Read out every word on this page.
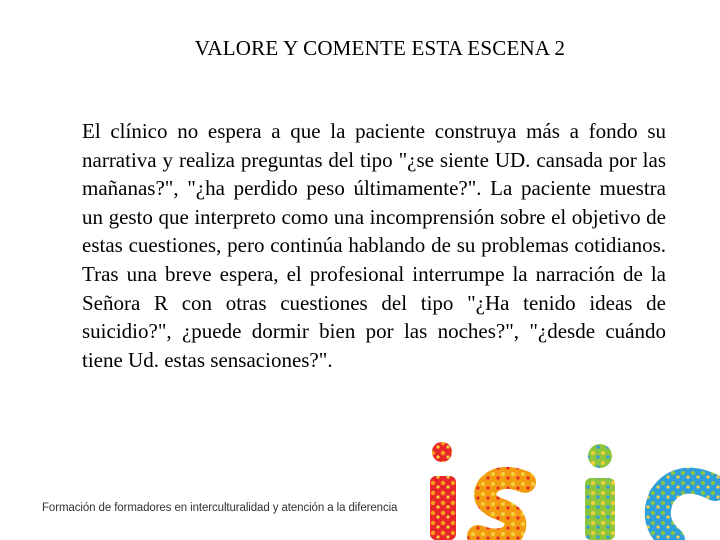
VALORE Y COMENTE ESTA ESCENA 2
El clínico no espera a que la paciente construya más a fondo su narrativa y realiza preguntas del tipo "¿se siente UD. cansada por las mañanas?", "¿ha perdido peso últimamente?". La paciente muestra un gesto que interpreto como una incomprensión sobre el objetivo de estas cuestiones, pero continúa hablando de su problemas cotidianos. Tras una breve espera, el profesional interrumpe la narración de la Señora R con otras cuestiones del tipo "¿Ha tenido ideas de suicidio?", ¿puede dormir bien por las noches?", "¿desde cuándo tiene Ud. estas sensaciones?".
Formación de formadores en interculturalidad y atención a la diferencia
